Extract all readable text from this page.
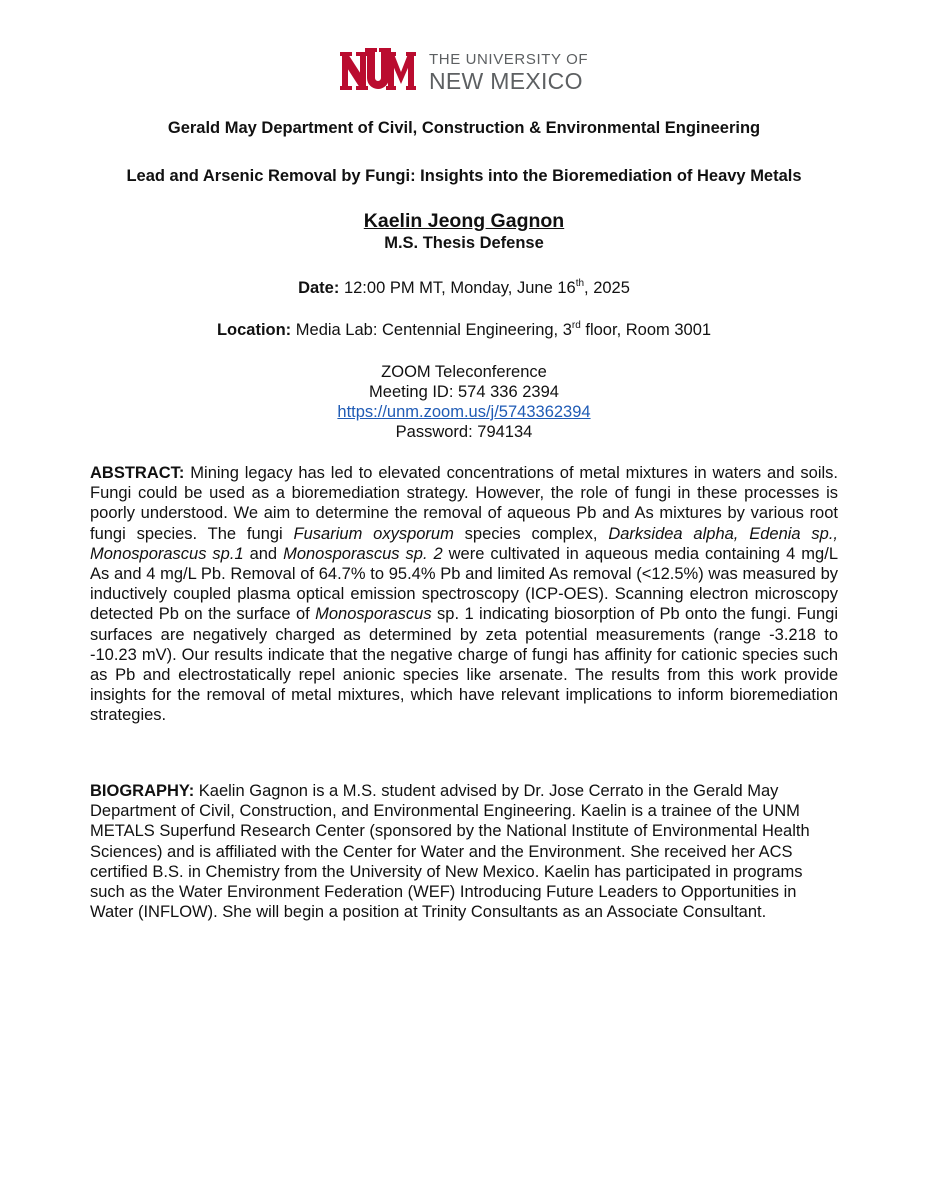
THE UNIVERSITY OF
NEW MEXICO
Gerald May Department of Civil, Construction & Environmental Engineering
Lead and Arsenic Removal by Fungi: Insights into the Bioremediation of Heavy Metals
Kaelin Jeong Gagnon
M.S. Thesis Defense
Date: 12:00 PM MT, Monday, June 16th, 2025
Location: Media Lab: Centennial Engineering, 3rd floor, Room 3001
ZOOM Teleconference
Meeting ID: 574 336 2394
https://unm.zoom.us/j/5743362394
Password: 794134

ABSTRACT: Mining legacy has led to elevated concentrations of metal mixtures in waters and soils. Fungi could be used as a bioremediation strategy. However, the role of fungi in these processes is poorly understood. We aim to determine the removal of aqueous Pb and As mixtures by various root fungi species. The fungi Fusarium oxysporum species complex, Darksidea alpha, Edenia sp., Monosporascus sp.1 and Monosporascus sp. 2 were cultivated in aqueous media containing 4 mg/L As and 4 mg/L Pb. Removal of 64.7% to 95.4% Pb and limited As removal (<12.5%) was measured by inductively coupled plasma optical emission spectroscopy (ICP-OES). Scanning electron microscopy detected Pb on the surface of Monosporascus sp. 1 indicating biosorption of Pb onto the fungi. Fungi surfaces are negatively charged as determined by zeta potential measurements (range -3.218 to -10.23 mV). Our results indicate that the negative charge of fungi has affinity for cationic species such as Pb and electrostatically repel anionic species like arsenate. The results from this work provide insights for the removal of metal mixtures, which have relevant implications to inform bioremediation strategies.

BIOGRAPHY: Kaelin Gagnon is a M.S. student advised by Dr. Jose Cerrato in the Gerald May Department of Civil, Construction, and Environmental Engineering. Kaelin is a trainee of the UNM METALS Superfund Research Center (sponsored by the National Institute of Environmental Health Sciences) and is affiliated with the Center for Water and the Environment. She received her ACS certified B.S. in Chemistry from the University of New Mexico. Kaelin has participated in programs such as the Water Environment Federation (WEF) Introducing Future Leaders to Opportunities in Water (INFLOW). She will begin a position at Trinity Consultants as an Associate Consultant.
